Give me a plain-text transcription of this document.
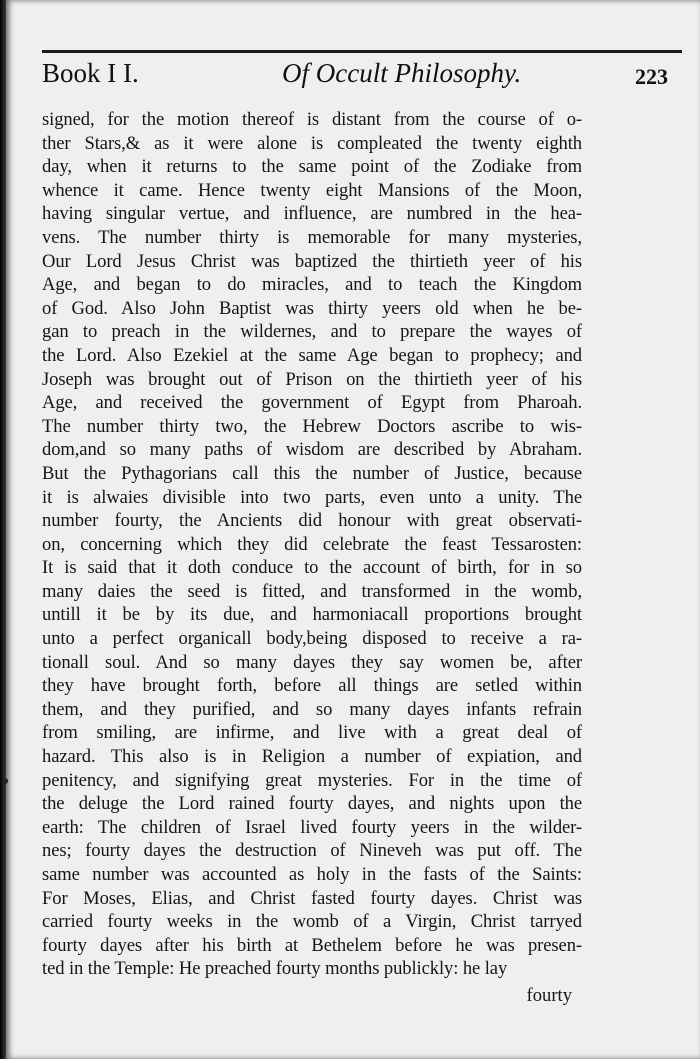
Book I I.	Of Occult Philosophy.	223
signed, for the motion thereof is distant from the course of o-
ther Stars,& as it were alone is compleated the twenty eighth
day, when it returns to the same point of the Zodiake from
whence it came. Hence twenty eight Mansions of the Moon,
having singular vertue, and influence, are numbred in the hea-
vens. The number thirty is memorable for many mysteries,
Our Lord Jesus Christ was baptized the thirtieth yeer of his
Age, and began to do miracles, and to teach the Kingdom
of God. Also John Baptist was thirty yeers old when he be-
gan to preach in the wildernes, and to prepare the wayes of
the Lord. Also Ezekiel at the same Age began to prophecy; and
Joseph was brought out of Prison on the thirtieth yeer of his
Age, and received the government of Egypt from Pharoah.
The number thirty two, the Hebrew Doctors ascribe to wis-
dom,and so many paths of wisdom are described by Abraham.
But the Pythagorians call this the number of Justice, because
it is alwaies divisible into two parts, even unto a unity. The
number fourty, the Ancients did honour with great observati-
on, concerning which they did celebrate the feast Tessarosten:
It is said that it doth conduce to the account of birth, for in so
many daies the seed is fitted, and transformed in the womb,
untill it be by its due, and harmoniacall proportions brought
unto a perfect organicall body,being disposed to receive a ra-
tionall soul. And so many dayes they say women be, after
they have brought forth, before all things are setled within
them, and they purified, and so many dayes infants refrain
from smiling, are infirme, and live with a great deal of
hazard. This also is in Religion a number of expiation, and
penitency, and signifying great mysteries. For in the time of
the deluge the Lord rained fourty dayes, and nights upon the
earth: The children of Israel lived fourty yeers in the wilder-
nes; fourty dayes the destruction of Nineveh was put off. The
same number was accounted as holy in the fasts of the Saints:
For Moses, Elias, and Christ fasted fourty dayes. Christ was
carried fourty weeks in the womb of a Virgin, Christ tarryed
fourty dayes after his birth at Bethelem before he was presen-
ted in the Temple: He preached fourty months publickly: he lay
fourty
